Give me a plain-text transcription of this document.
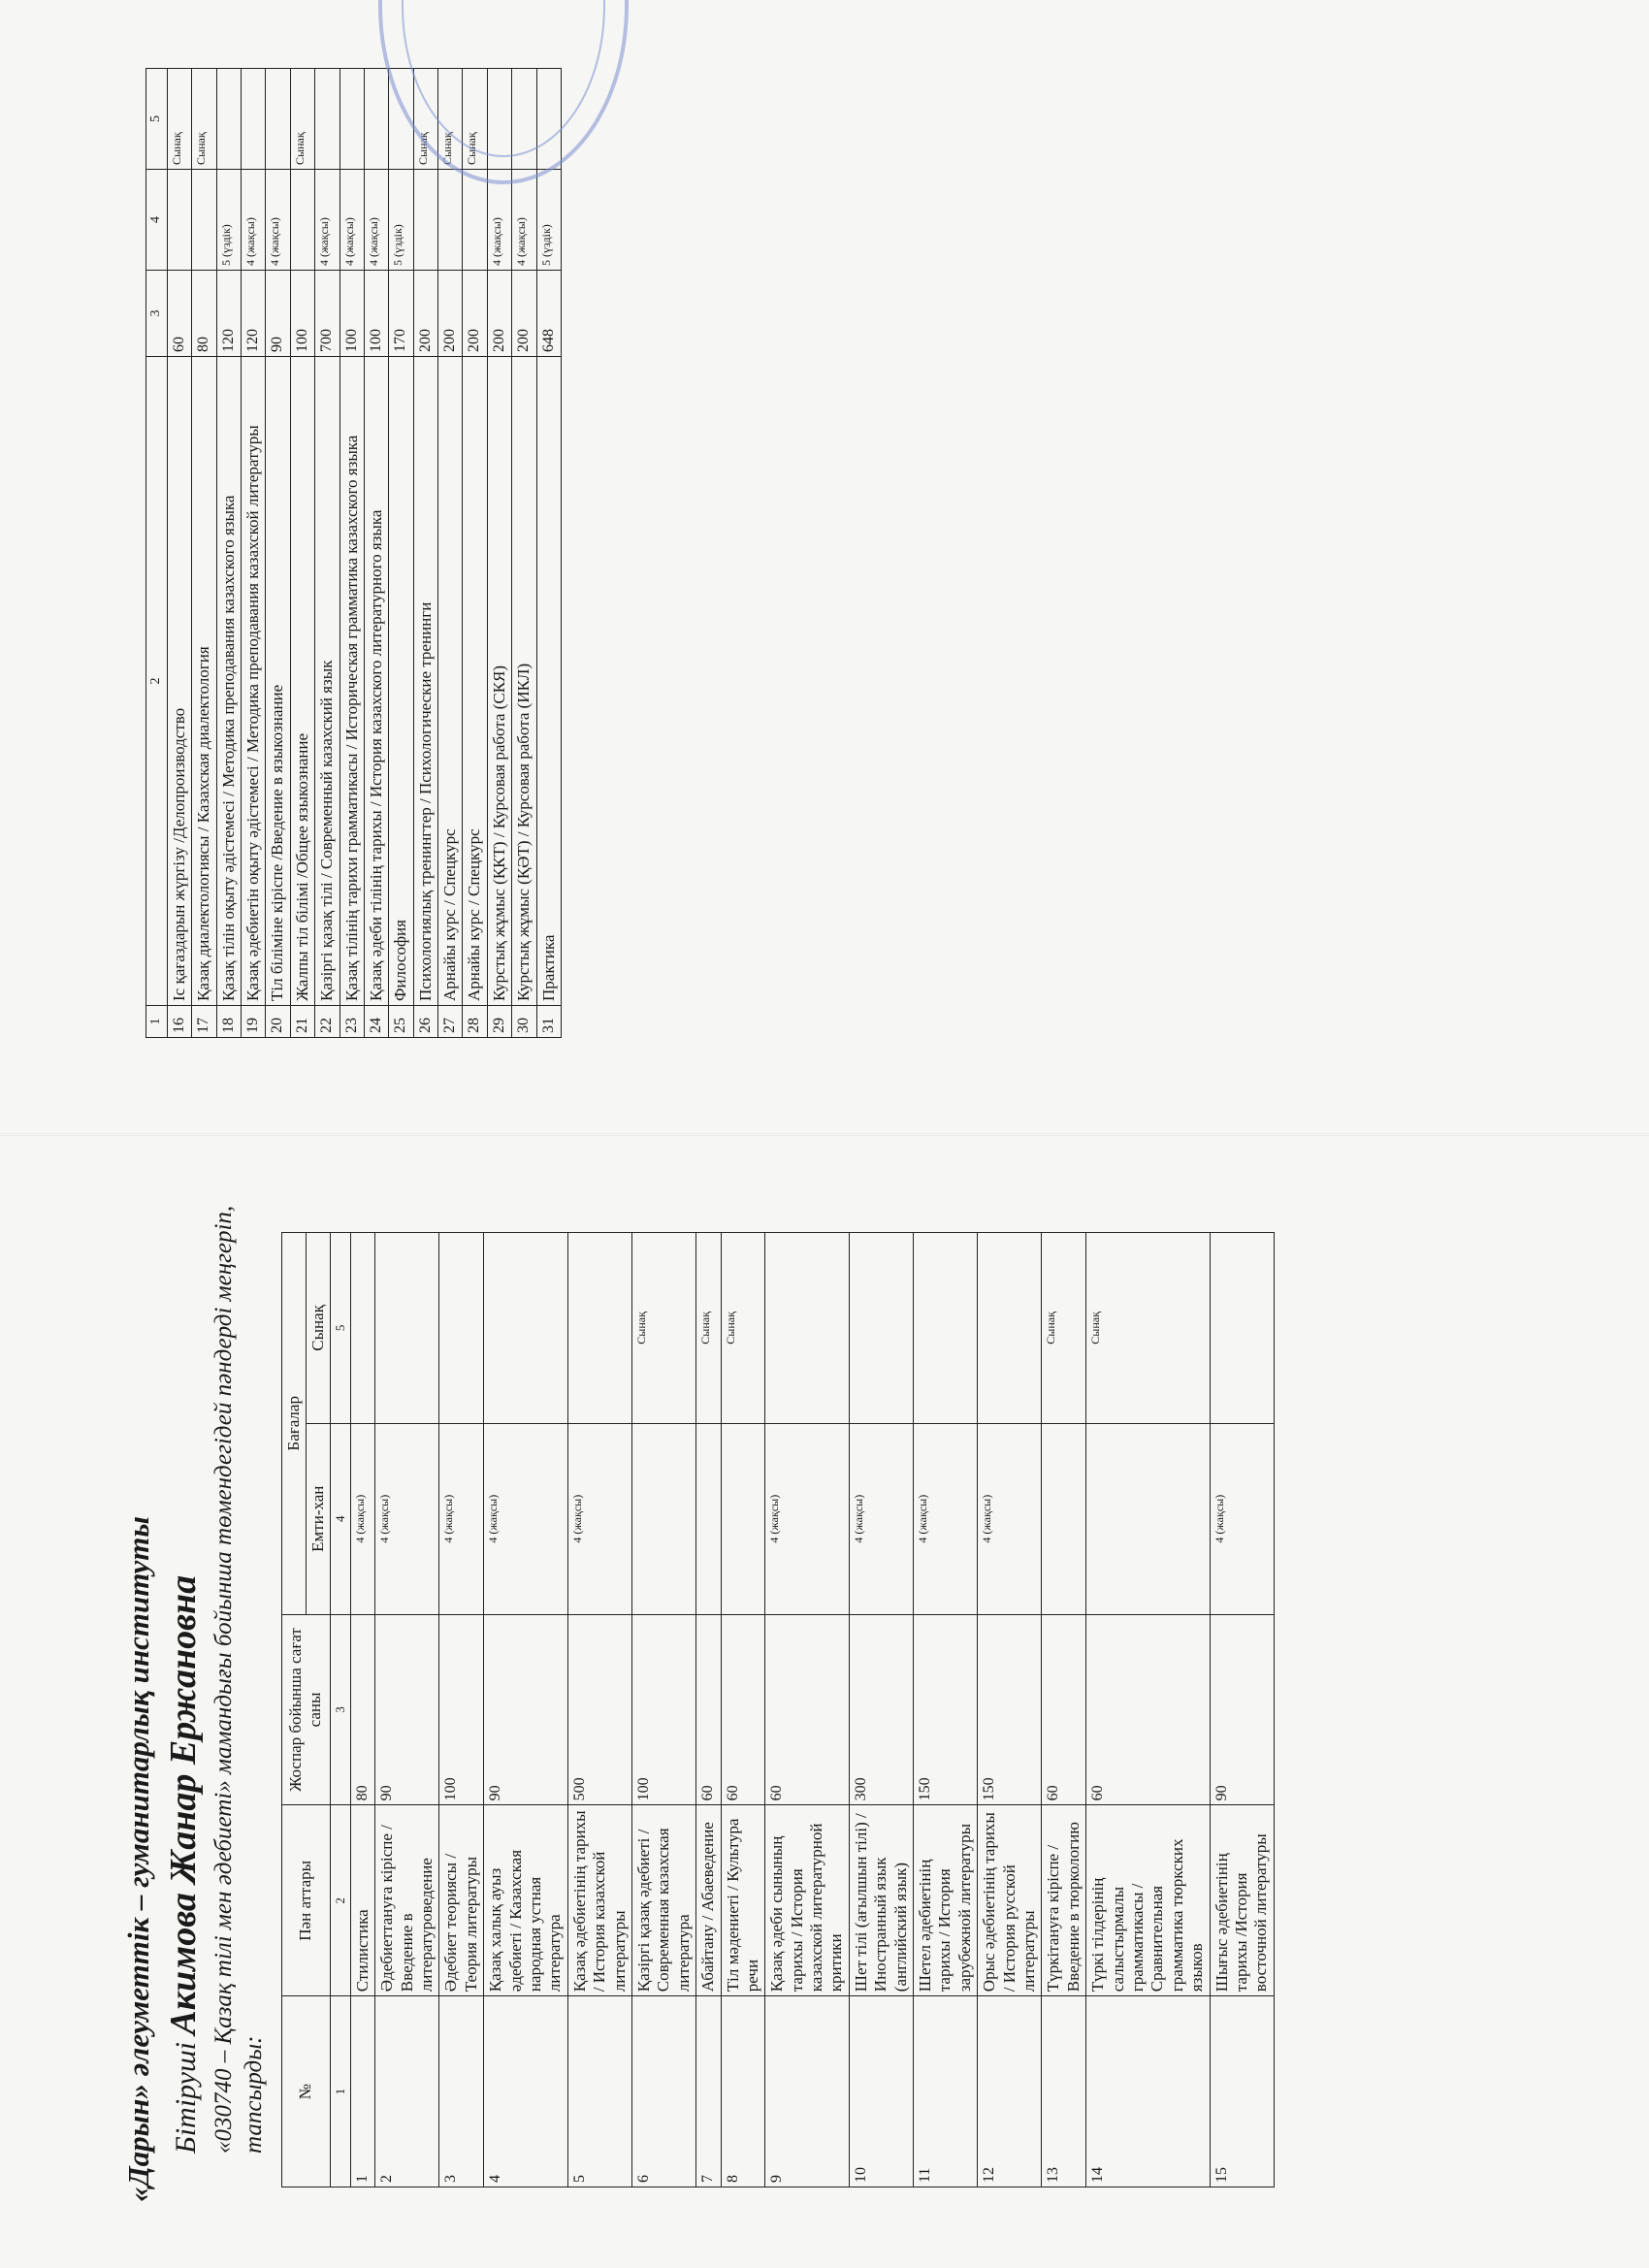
1	2	3	4	5
16	Іс қағаздарын жүргізу /Делопроизводство	60		Сынақ
17	Қазақ диалектологиясы / Казахская диалектология	80		Сынақ
18	Қазақ тілін оқыту әдістемесі / Методика преподавания казахского языка	120	5 (үздік)	
19	Қазақ әдебиетін оқыту әдістемесі / Методика преподавания казахской литературы	120	4 (жақсы)	
20	Тіл біліміне кіріспе /Введение в языкознание	90	4 (жақсы)	
21	Жалпы тіл білімі /Общее языкознание	100		Сынақ
22	Қазіргі қазақ тілі / Современный казахский язык	700	4 (жақсы)	
23	Қазақ тілінің тарихи грамматикасы / Историческая грамматика казахского языка	100	4 (жақсы)	
24	Қазақ әдеби тілінің тарихы / История казахского литературного языка	100	4 (жақсы)	
25	Философия	170	5 (үздік)	
26	Психологиялық тренингтер / Психологические тренинги	200		Сынақ
27	Арнайы курс / Спецкурс	200		Сынақ
28	Арнайы курс / Спецкурс	200		Сынақ
29	Курстық жұмыс (ҚКТ) / Курсовая работа (СКЯ)	200	4 (жақсы)	
30	Курстық жұмыс (ҚӘТ) / Курсовая работа (ИКЛ)	200	4 (жақсы)	
31	Практика	648	5 (үздік)	
«Дарын» әлеуметтік – гуманитарлық институты Бітіруші Акимова Жанар Ержановна «030740 – Қазақ тілі мен әдебиеті» мамандығы бойынша төмендегідей пәндерді меңгеріп, тапсырды: №	Пән аттары	Жоспар бойынша сағат саны	Бағалар	
			Емти-хан	Сынақ
1	2	3	4	5
1	Стилистика	80	4 (жақсы)	
2	Әдебиеттануға кіріспе / Введение в литературоведение	90	4 (жақсы)	
3	Әдебиет теориясы / Теория литературы	100	4 (жақсы)	
4	Қазақ халық ауыз әдебиеті / Казахская народная устная литература	90	4 (жақсы)	
5	Қазақ әдебиетінің тарихы / История казахской литературы	500	4 (жақсы)	
6	Қазіргі қазақ әдебиеті / Современная казахская литература	100		Сынақ
7	Абайтану / Абаеведение	60		Сынақ
8	Тіл мәдениеті / Культура речи	60		Сынақ
9	Қазақ әдеби сынының тарихы / История казахской литературной критики	60	4 (жақсы)	
10	Шет тілі (ағылшын тілі) / Иностранный язык (английский язык)	300	4 (жақсы)	
11	Шетел әдебиетінің тарихы / История зарубежной литературы	150	4 (жақсы)	
12	Орыс әдебиетінің тарихы / История русской литературы	150	4 (жақсы)	
13	Түркітануға кіріспе /Введение в тюркологию	60		Сынақ
14	Түркі тілдерінің салыстырмалы грамматикасы / Сравнительная грамматика тюркских языков	60		Сынақ
15	Шығыс әдебиетінің тарихы /История восточной литературы	90	4 (жақсы)	
